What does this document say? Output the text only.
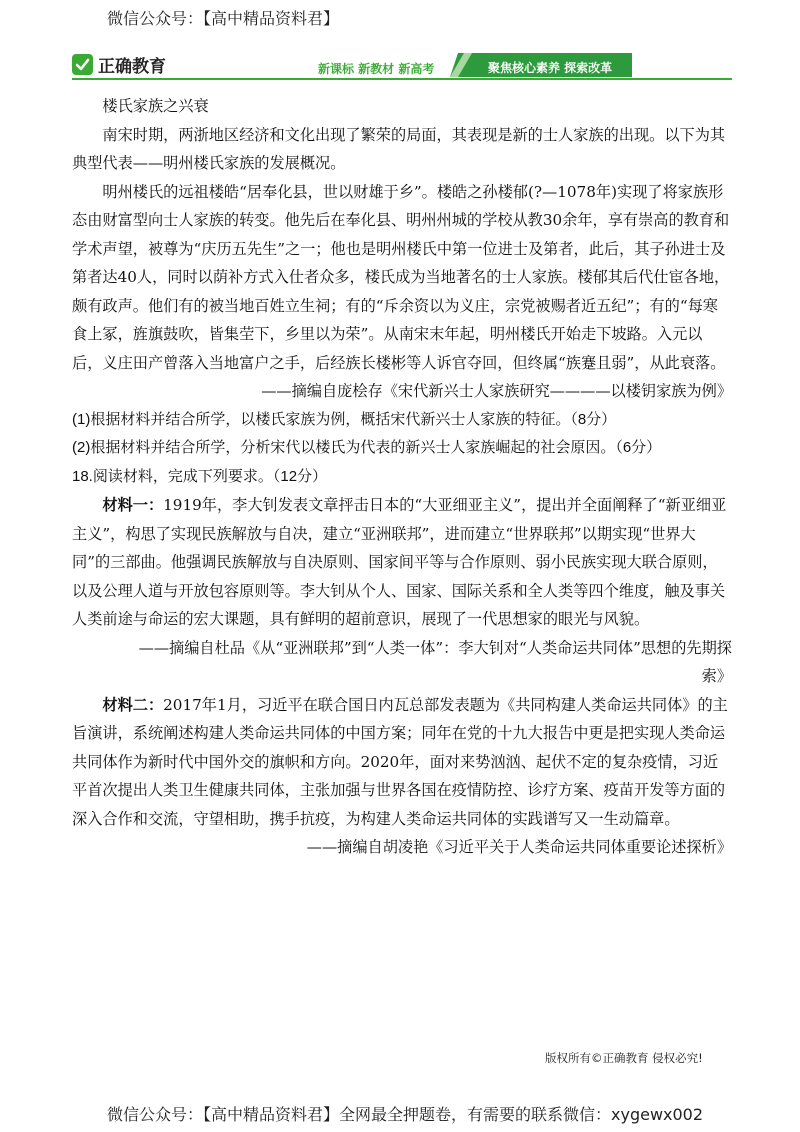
微信公众号：【高中精品资料君】
正确教育	新课标 新教材 新高考	聚焦核心素养 探索改革

楼氏家族之兴衰

南宋时期，两浙地区经济和文化出现了繁荣的局面，其表现是新的士人家族的出现。以下为其典型代表——明州楼氏家族的发展概况。

明州楼氏的远祖楼皓“居奉化县，世以财雄于乡”。楼皓之孙楼郁(?—1078年)实现了将家族形态由财富型向士人家族的转变。他先后在奉化县、明州州城的学校从教30余年，享有崇高的教育和学术声望，被尊为“庆历五先生”之一；他也是明州楼氏中第一位进士及第者，此后，其子孙进士及第者达40人，同时以荫补方式入仕者众多，楼氏成为当地著名的士人家族。楼郁其后代仕宦各地，颇有政声。他们有的被当地百姓立生祠；有的“斥余资以为义庄，宗党被赐者近五纪”；有的“每寒食上冢，旌旗鼓吹，皆集茔下，乡里以为荣”。从南宋末年起，明州楼氏开始走下坡路。入元以后，义庄田产曾落入当地富户之手，后经族长楼彬等人诉官夺回，但终属“族蹇且弱”，从此衰落。

——摘编自庞桧存《宋代新兴士人家族研究————以楼钥家族为例》

(1)根据材料并结合所学，以楼氏家族为例，概括宋代新兴士人家族的特征。（8分）

(2)根据材料并结合所学，分析宋代以楼氏为代表的新兴士人家族崛起的社会原因。（6分）

18.阅读材料，完成下列要求。（12分）

材料一：1919年，李大钊发表文章抨击日本的“大亚细亚主义”，提出并全面阐释了“新亚细亚主义”，构思了实现民族解放与自决，建立“亚洲联邦”，进而建立“世界联邦”以期实现“世界大同”的三部曲。他强调民族解放与自决原则、国家间平等与合作原则、弱小民族实现大联合原则，以及公理人道与开放包容原则等。李大钊从个人、国家、国际关系和全人类等四个维度，触及事关人类前途与命运的宏大课题，具有鲜明的超前意识，展现了一代思想家的眼光与风貌。

——摘编自杜品《从“亚洲联邦”到“人类一体”：李大钊对“人类命运共同体”思想的先期探索》

材料二：2017年1月，习近平在联合国日内瓦总部发表题为《共同构建人类命运共同体》的主旨演讲，系统阐述构建人类命运共同体的中国方案；同年在党的十九大报告中更是把实现人类命运共同体作为新时代中国外交的旗帜和方向。2020年，面对来势汹汹、起伏不定的复杂疫情，习近平首次提出人类卫生健康共同体，主张加强与世界各国在疫情防控、诊疗方案、疫苗开发等方面的深入合作和交流，守望相助，携手抗疫，为构建人类命运共同体的实践谱写又一生动篇章。

——摘编自胡凌艳《习近平关于人类命运共同体重要论述探析》

版权所有©正确教育 侵权必究!
微信公众号：【高中精品资料君】全网最全押题卷，有需要的联系微信：xygewx002
